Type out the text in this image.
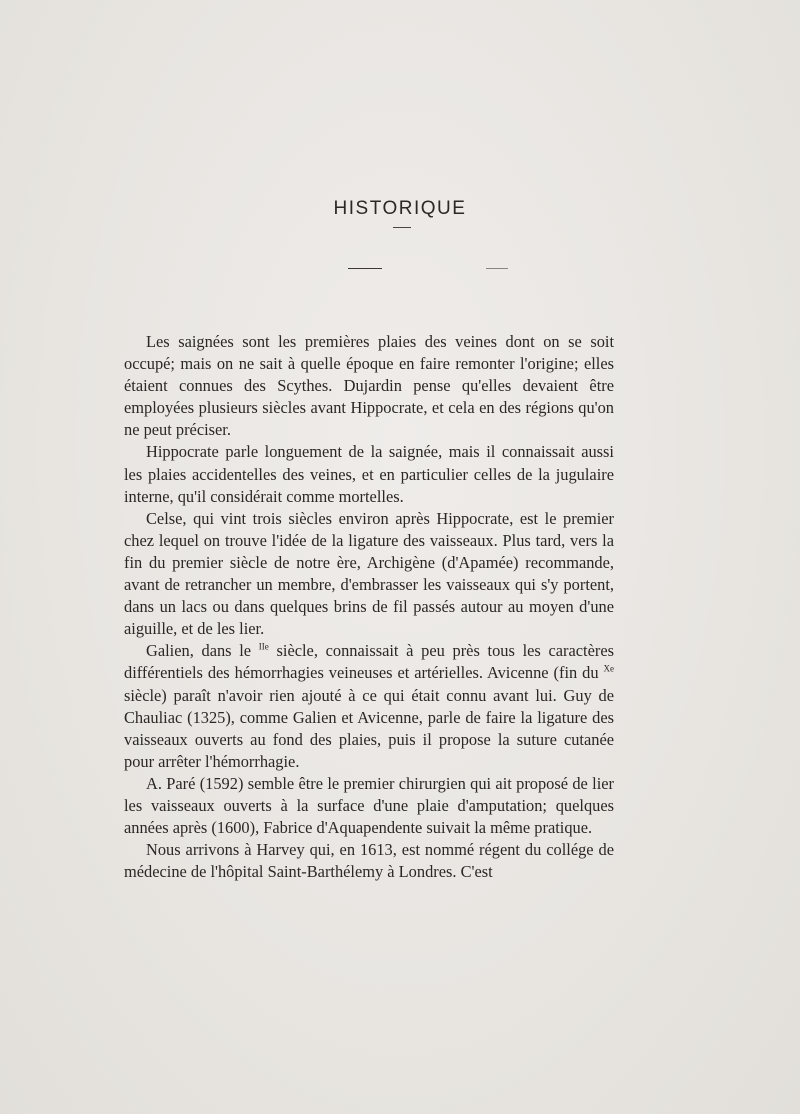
HISTORIQUE

Les saignées sont les premières plaies des veines dont on se soit occupé; mais on ne sait à quelle époque en faire remonter l'origine; elles étaient connues des Scythes. Dujardin pense qu'elles devaient être employées plusieurs siècles avant Hippocrate, et cela en des régions qu'on ne peut préciser.

Hippocrate parle longuement de la saignée, mais il connaissait aussi les plaies accidentelles des veines, et en particulier celles de la jugulaire interne, qu'il considérait comme mortelles.

Celse, qui vint trois siècles environ après Hippocrate, est le premier chez lequel on trouve l'idée de la ligature des vaisseaux. Plus tard, vers la fin du premier siècle de notre ère, Archigène (d'Apamée) recommande, avant de retrancher un membre, d'embrasser les vaisseaux qui s'y portent, dans un lacs ou dans quelques brins de fil passés autour au moyen d'une aiguille, et de les lier.

Galien, dans le $^{IIe}$ siècle, connaissait à peu près tous les caractères différentiels des hémorrhagies veineuses et artérielles. Avicenne (fin du $^{Xe}$ siècle) paraît n'avoir rien ajouté à ce qui était connu avant lui. Guy de Chauliac (1325), comme Galien et Avicenne, parle de faire la ligature des vaisseaux ouverts au fond des plaies, puis il propose la suture cutanée pour arrêter l'hémorrhagie.

A. Paré (1592) semble être le premier chirurgien qui ait proposé de lier les vaisseaux ouverts à la surface d'une plaie d'amputation; quelques années après (1600), Fabrice d'Aquapendente suivait la même pratique.

Nous arrivons à Harvey qui, en 1613, est nommé régent du collége de médecine de l'hôpital Saint-Barthélemy à Londres. C'est
